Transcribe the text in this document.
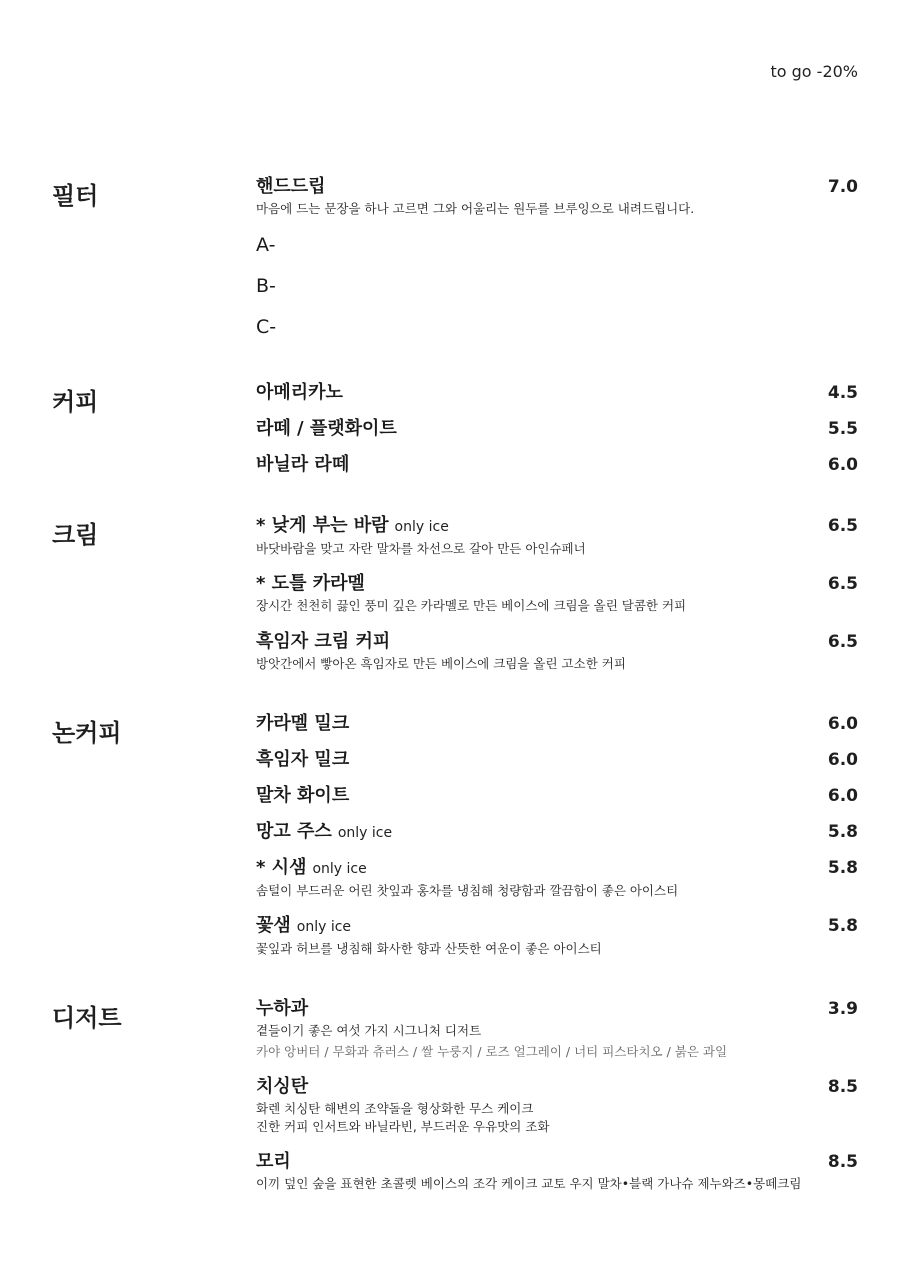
to go -20%
필터	핸드드립	7.0
마음에 드는 문장을 하나 고르면 그와 어울리는 원두를 브루잉으로 내려드립니다.
A-
B-
C-
커피	아메리카노	4.5
라떼 / 플랫화이트	5.5
바닐라 라떼	6.0
크림	* 낮게 부는 바람 only ice	6.5
바닷바람을 맞고 자란 말차를 차선으로 갈아 만든 아인슈페너
* 도틀 카라멜	6.5
장시간 천천히 끓인 풍미 깊은 카라멜로 만든 베이스에 크림을 올린 달콤한 커피
흑임자 크림 커피	6.5
방앗간에서 빻아온 흑임자로 만든 베이스에 크림을 올린 고소한 커피
논커피	카라멜 밀크	6.0
흑임자 밀크	6.0
말차 화이트	6.0
망고 주스 only ice	5.8
* 시샘 only ice	5.8
솜털이 부드러운 어린 찻잎과 홍차를 냉침해 청량함과 깔끔함이 좋은 아이스티
꽃샘 only ice	5.8
꽃잎과 허브를 냉침해 화사한 향과 산뜻한 여운이 좋은 아이스티
디저트	누하과	3.9
곁들이기 좋은 여섯 가지 시그니처 디저트
카야 앙버터 / 무화과 츄러스 / 쌀 누룽지 / 로즈 얼그레이 / 너티 피스타치오 / 붉은 과일
치싱탄	8.5
화렌 치싱탄 해변의 조약돌을 형상화한 무스 케이크
진한 커피 인서트와 바닐라빈, 부드러운 우유맛의 조화
모리	8.5
이끼 덮인 숲을 표현한 초콜렛 베이스의 조각 케이크 교토 우지 말차•블랙 가나슈 제누와즈•몽떼크림
